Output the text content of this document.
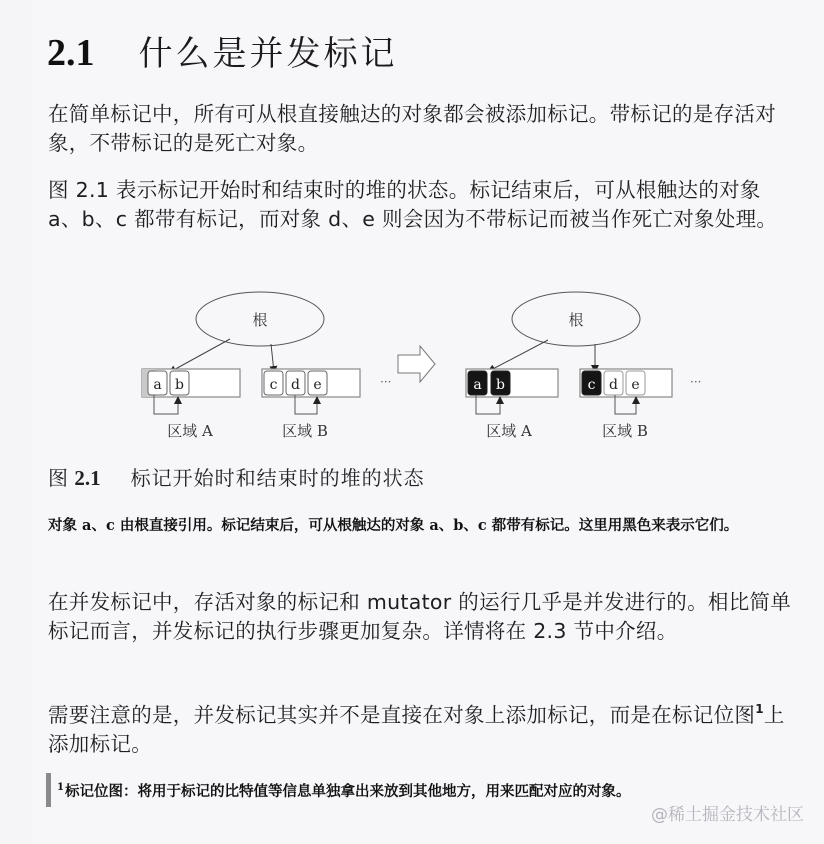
2.1 什么是并发标记
在简单标记中，所有可从根直接触达的对象都会被添加标记。带标记的是存活对象，不带标记的是死亡对象。
图 2.1 表示标记开始时和结束时的堆的状态。标记结束后，可从根触达的对象 a、b、c 都带有标记，而对象 d、e 则会因为不带标记而被当作死亡对象处理。
根
a b
区域 A
c d e
区域 B
···
根
a b
区域 A
c d e
区域 B
···
图 2.1 标记开始时和结束时的堆的状态
对象 a、c 由根直接引用。标记结束后，可从根触达的对象 a、b、c 都带有标记。这里用黑色来表示它们。
在并发标记中，存活对象的标记和 mutator 的运行几乎是并发进行的。相比简单标记而言，并发标记的执行步骤更加复杂。详情将在 2.3 节中介绍。
需要注意的是，并发标记其实并不是直接在对象上添加标记，而是在标记位图$^1$上添加标记。
$^1$标记位图：将用于标记的比特值等信息单独拿出来放到其他地方，用来匹配对应的对象。
@稀土掘金技术社区
